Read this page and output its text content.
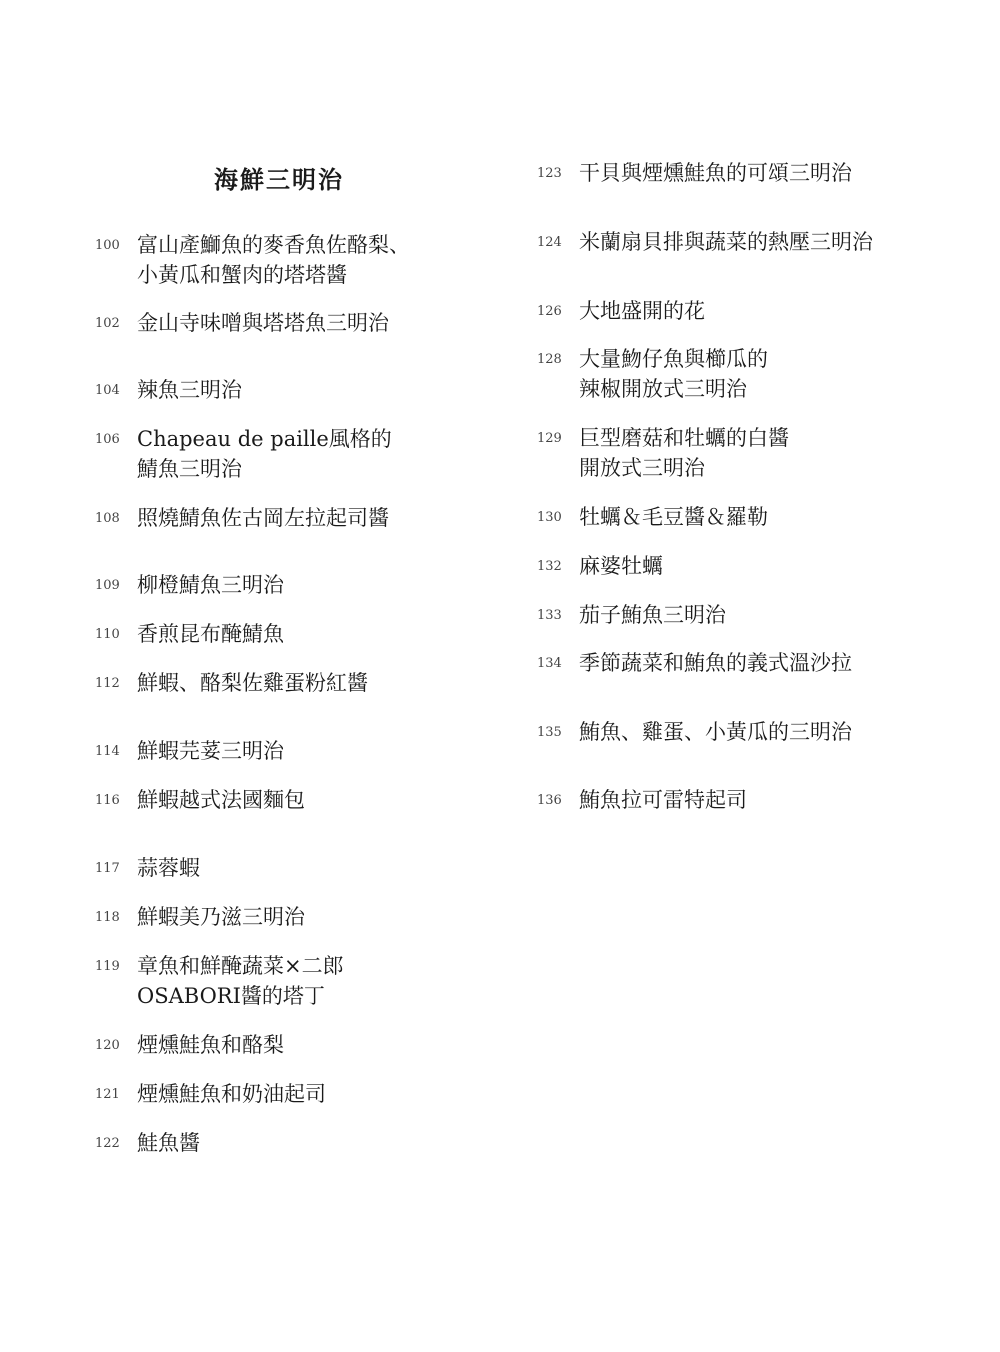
海鮮三明治
100 富山產鰤魚的麥香魚佐酪梨、
小黃瓜和蟹肉的塔塔醬
102 金山寺味噌與塔塔魚三明治
104 辣魚三明治
106 Chapeau de paille風格的
鯖魚三明治
108 照燒鯖魚佐古岡左拉起司醬
109 柳橙鯖魚三明治
110 香煎昆布醃鯖魚
112 鮮蝦、酪梨佐雞蛋粉紅醬
114 鮮蝦芫荽三明治
116 鮮蝦越式法國麵包
117 蒜蓉蝦
118 鮮蝦美乃滋三明治
119 章魚和鮮醃蔬菜×二郎
OSABORI醬的塔丁
120 煙燻鮭魚和酪梨
121 煙燻鮭魚和奶油起司
122 鮭魚醬
123 干貝與煙燻鮭魚的可頌三明治
124 米蘭扇貝排與蔬菜的熱壓三明治
126 大地盛開的花
128 大量魩仔魚與櫛瓜的
辣椒開放式三明治
129 巨型磨菇和牡蠣的白醬
開放式三明治
130 牡蠣＆毛豆醬＆羅勒
132 麻婆牡蠣
133 茄子鮪魚三明治
134 季節蔬菜和鮪魚的義式溫沙拉
135 鮪魚、雞蛋、小黃瓜的三明治
136 鮪魚拉可雷特起司
